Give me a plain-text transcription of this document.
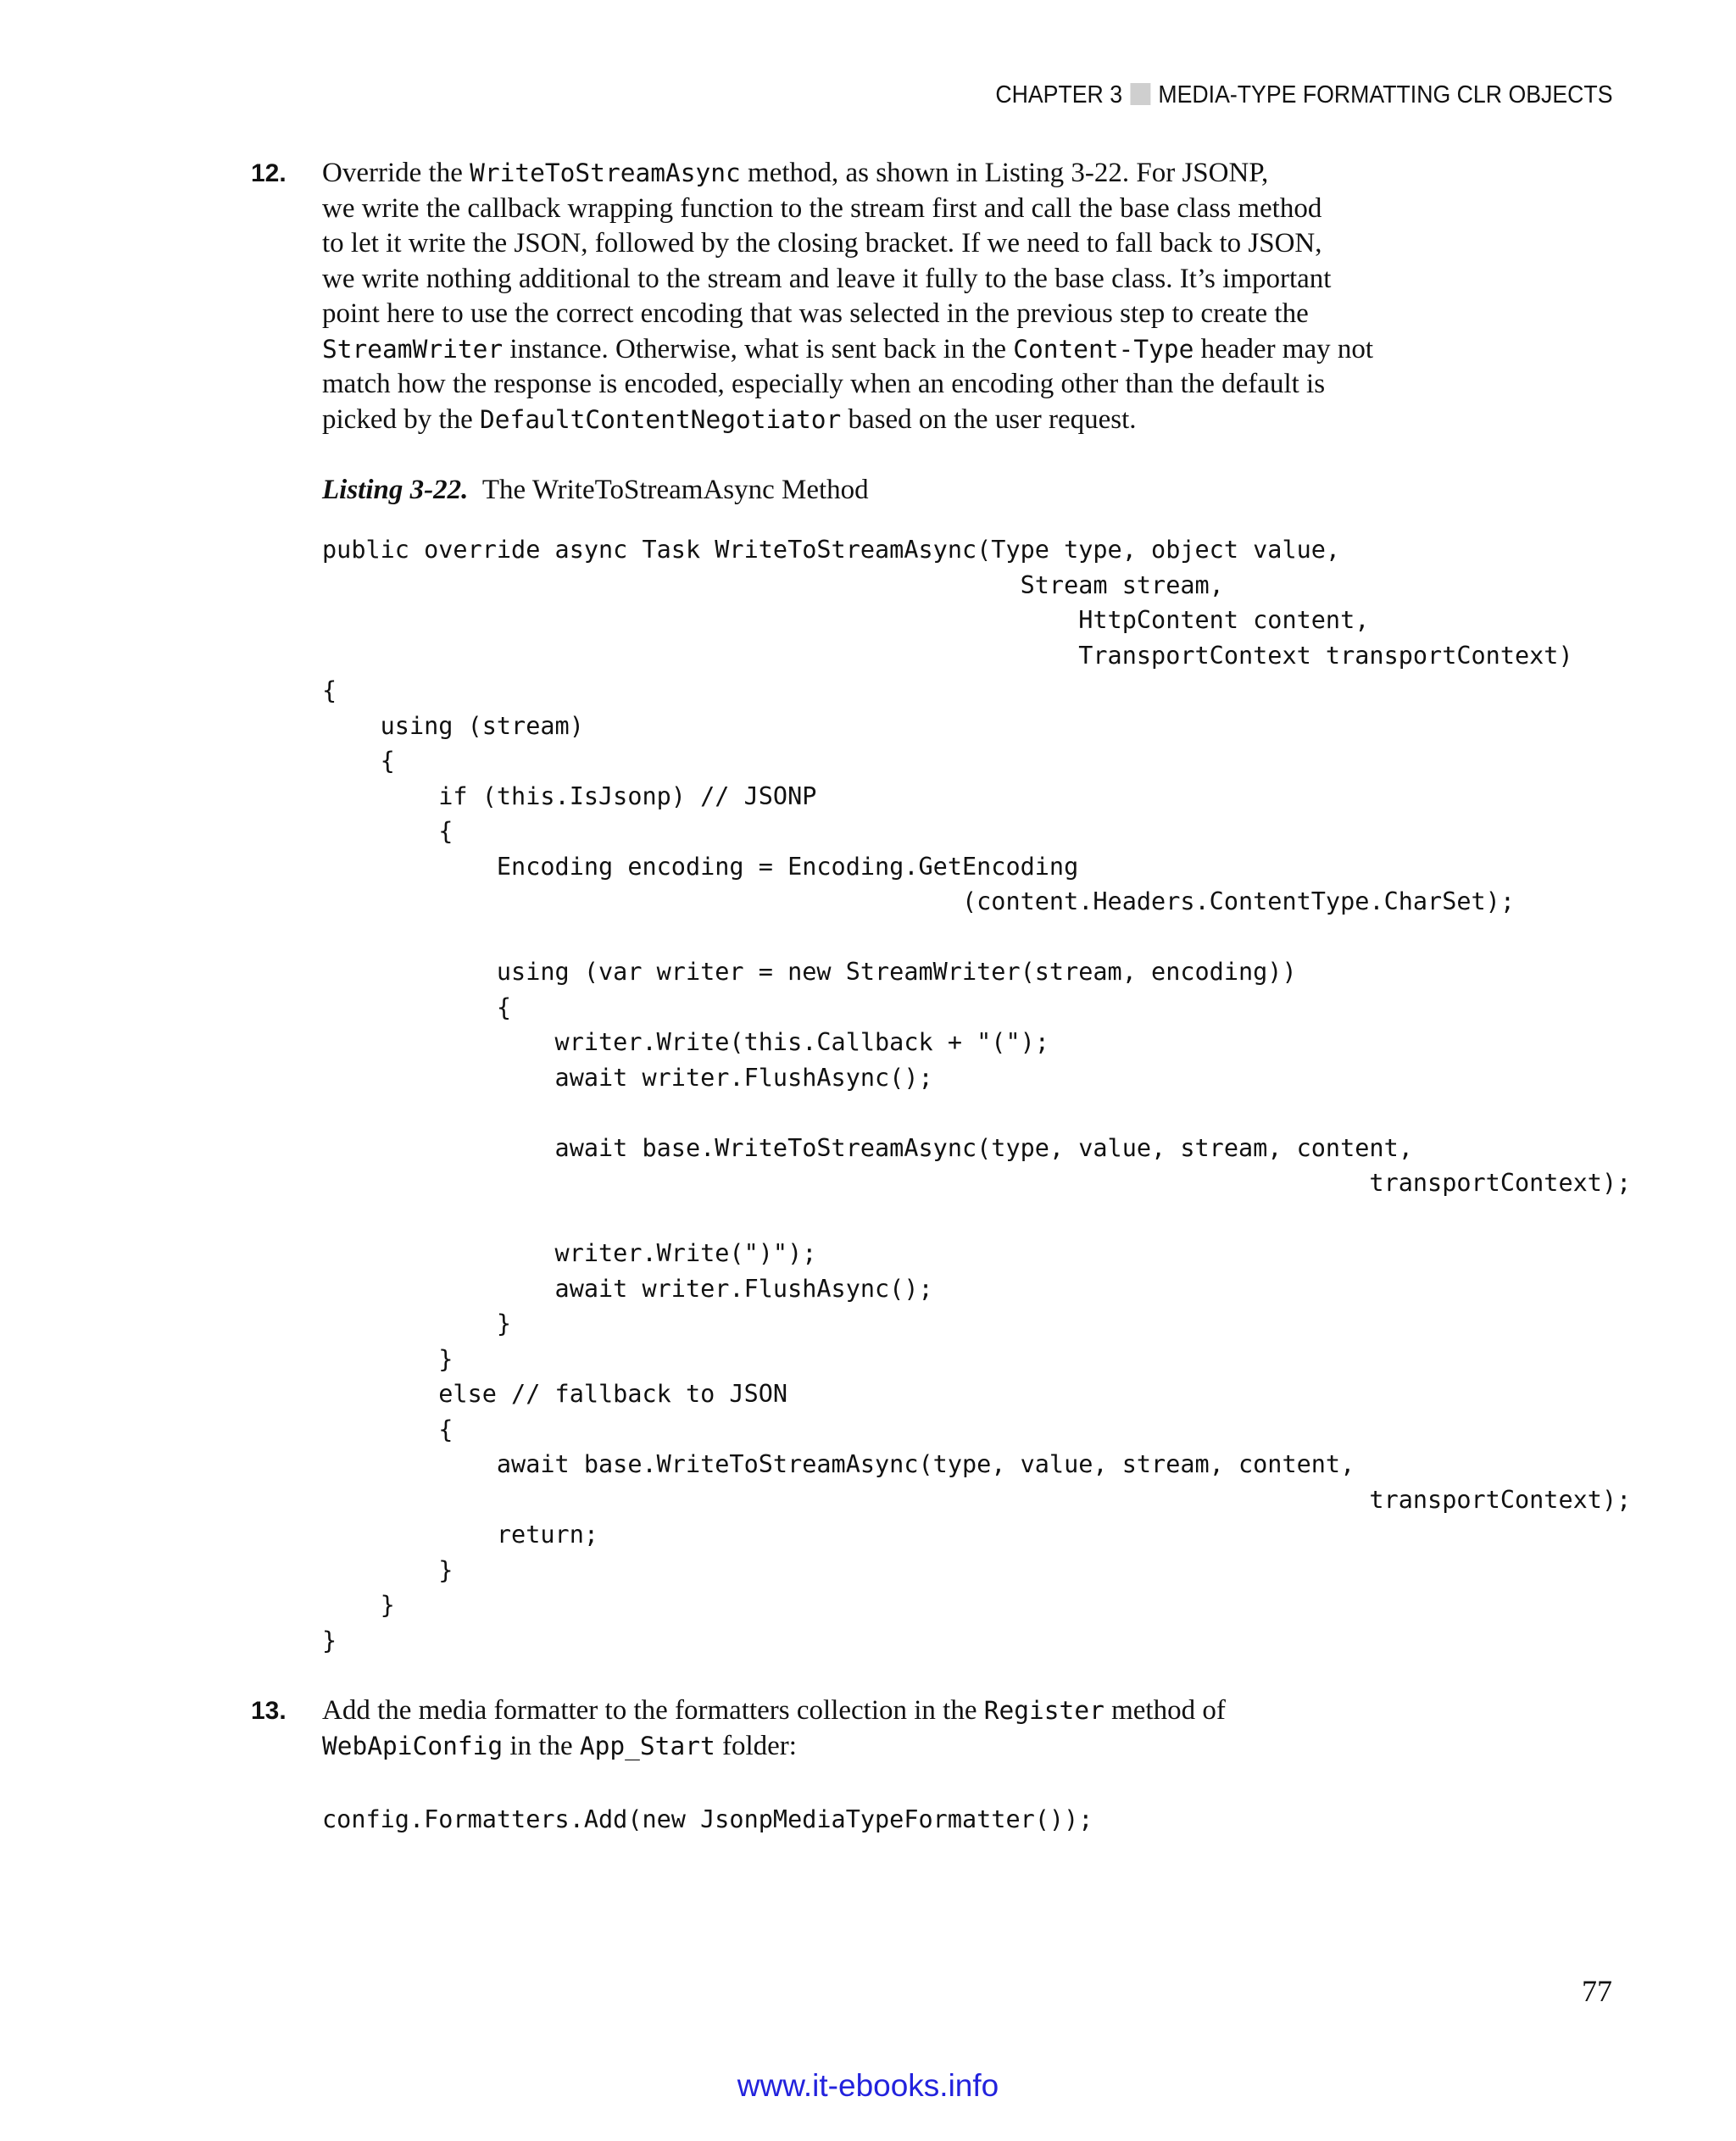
CHAPTER 3 MEDIA-TYPE FORMATTING CLR OBJECTS
12. Override the WriteToStreamAsync method, as shown in Listing 3-22. For JSONP,
we write the callback wrapping function to the stream first and call the base class method
to let it write the JSON, followed by the closing bracket. If we need to fall back to JSON,
we write nothing additional to the stream and leave it fully to the base class. It’s important
point here to use the correct encoding that was selected in the previous step to create the
StreamWriter instance. Otherwise, what is sent back in the Content-Type header may not
match how the response is encoded, especially when an encoding other than the default is
picked by the DefaultContentNegotiator based on the user request.
Listing 3-22. The WriteToStreamAsync Method
public override async Task WriteToStreamAsync(Type type, object value,
Stream stream,
HttpContent content,
TransportContext transportContext)
{
using (stream)
{
if (this.IsJsonp) // JSONP
{
Encoding encoding = Encoding.GetEncoding
(content.Headers.ContentType.CharSet);

using (var writer = new StreamWriter(stream, encoding))
{
writer.Write(this.Callback + "(");
await writer.FlushAsync();

await base.WriteToStreamAsync(type, value, stream, content,
transportContext);

writer.Write(")");
await writer.FlushAsync();
}
}
else // fallback to JSON
{
await base.WriteToStreamAsync(type, value, stream, content,
transportContext);
return;
}
}
}
13. Add the media formatter to the formatters collection in the Register method of
WebApiConfig in the App_Start folder:
config.Formatters.Add(new JsonpMediaTypeFormatter());
77
www.it-ebooks.info
